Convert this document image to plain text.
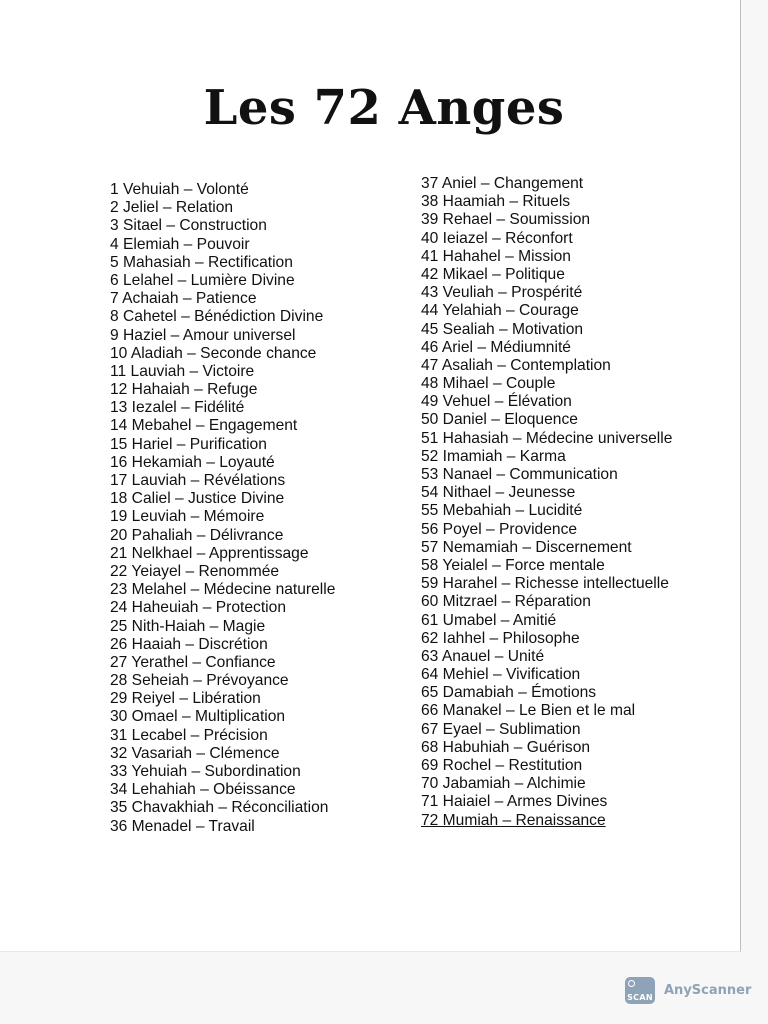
Les 72 Anges
1 Vehuiah – Volonté
2 Jeliel – Relation
3 Sitael – Construction
4 Elemiah – Pouvoir
5 Mahasiah – Rectification
6 Lelahel – Lumière Divine
7 Achaiah – Patience
8 Cahetel – Bénédiction Divine
9 Haziel – Amour universel
10 Aladiah – Seconde chance
11 Lauviah – Victoire
12 Hahaiah – Refuge
13 Iezalel – Fidélité
14 Mebahel – Engagement
15 Hariel – Purification
16 Hekamiah – Loyauté
17 Lauviah – Révélations
18 Caliel – Justice Divine
19 Leuviah – Mémoire
20 Pahaliah – Délivrance
21 Nelkhael – Apprentissage
22 Yeiayel – Renommée
23 Melahel – Médecine naturelle
24 Haheuiah – Protection
25 Nith-Haiah – Magie
26 Haaiah – Discrétion
27 Yerathel – Confiance
28 Seheiah – Prévoyance
29 Reiyel – Libération
30 Omael – Multiplication
31 Lecabel – Précision
32 Vasariah – Clémence
33 Yehuiah – Subordination
34 Lehahiah – Obéissance
35 Chavakhiah – Réconciliation
36 Menadel – Travail
37 Aniel – Changement
38 Haamiah – Rituels
39 Rehael – Soumission
40 Ieiazel – Réconfort
41 Hahahel – Mission
42 Mikael – Politique
43 Veuliah – Prospérité
44 Yelahiah – Courage
45 Sealiah – Motivation
46 Ariel – Médiumnité
47 Asaliah – Contemplation
48 Mihael – Couple
49 Vehuel – Élévation
50 Daniel – Eloquence
51 Hahasiah – Médecine universelle
52 Imamiah – Karma
53 Nanael – Communication
54 Nithael – Jeunesse
55 Mebahiah – Lucidité
56 Poyel – Providence
57 Nemamiah – Discernement
58 Yeialel – Force mentale
59 Harahel – Richesse intellectuelle
60 Mitzrael – Réparation
61 Umabel – Amitié
62 Iahhel – Philosophe
63 Anauel – Unité
64 Mehiel – Vivification
65 Damabiah – Émotions
66 Manakel – Le Bien et le mal
67 Eyael – Sublimation
68 Habuhiah – Guérison
69 Rochel – Restitution
70 Jabamiah – Alchimie
71 Haiaiel – Armes Divines
72 Mumiah – Renaissance
SCAN AnyScanner
